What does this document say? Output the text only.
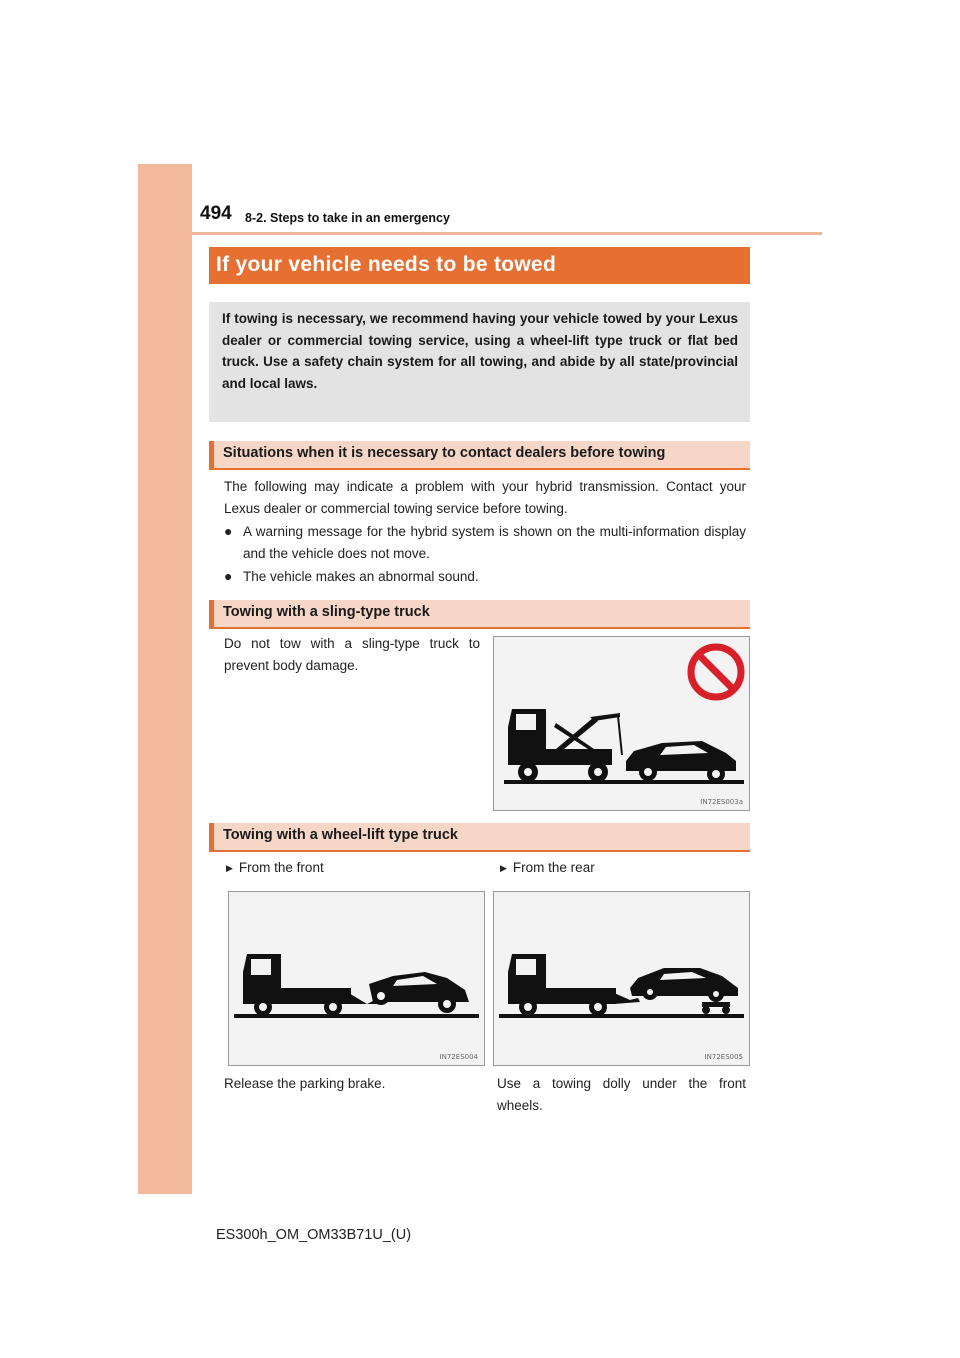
494 8-2. Steps to take in an emergency
If your vehicle needs to be towed

If towing is necessary, we recommend having your vehicle towed by your Lexus dealer or commercial towing service, using a wheel-lift type truck or flat bed truck. Use a safety chain system for all towing, and abide by all state/provincial and local laws.

Situations when it is necessary to contact dealers before towing
The following may indicate a problem with your hybrid transmission. Contact your Lexus dealer or commercial towing service before towing.
● A warning message for the hybrid system is shown on the multi-information display and the vehicle does not move.
● The vehicle makes an abnormal sound.
Towing with a sling-type truck
Do not tow with a sling-type truck to prevent body damage.
IN72ES003a
Towing with a wheel-lift type truck
▶ From the front	▶ From the rear
IN72ES004	IN72ES005
Release the parking brake.	Use a towing dolly under the front wheels.
ES300h_OM_OM33B71U_(U)
